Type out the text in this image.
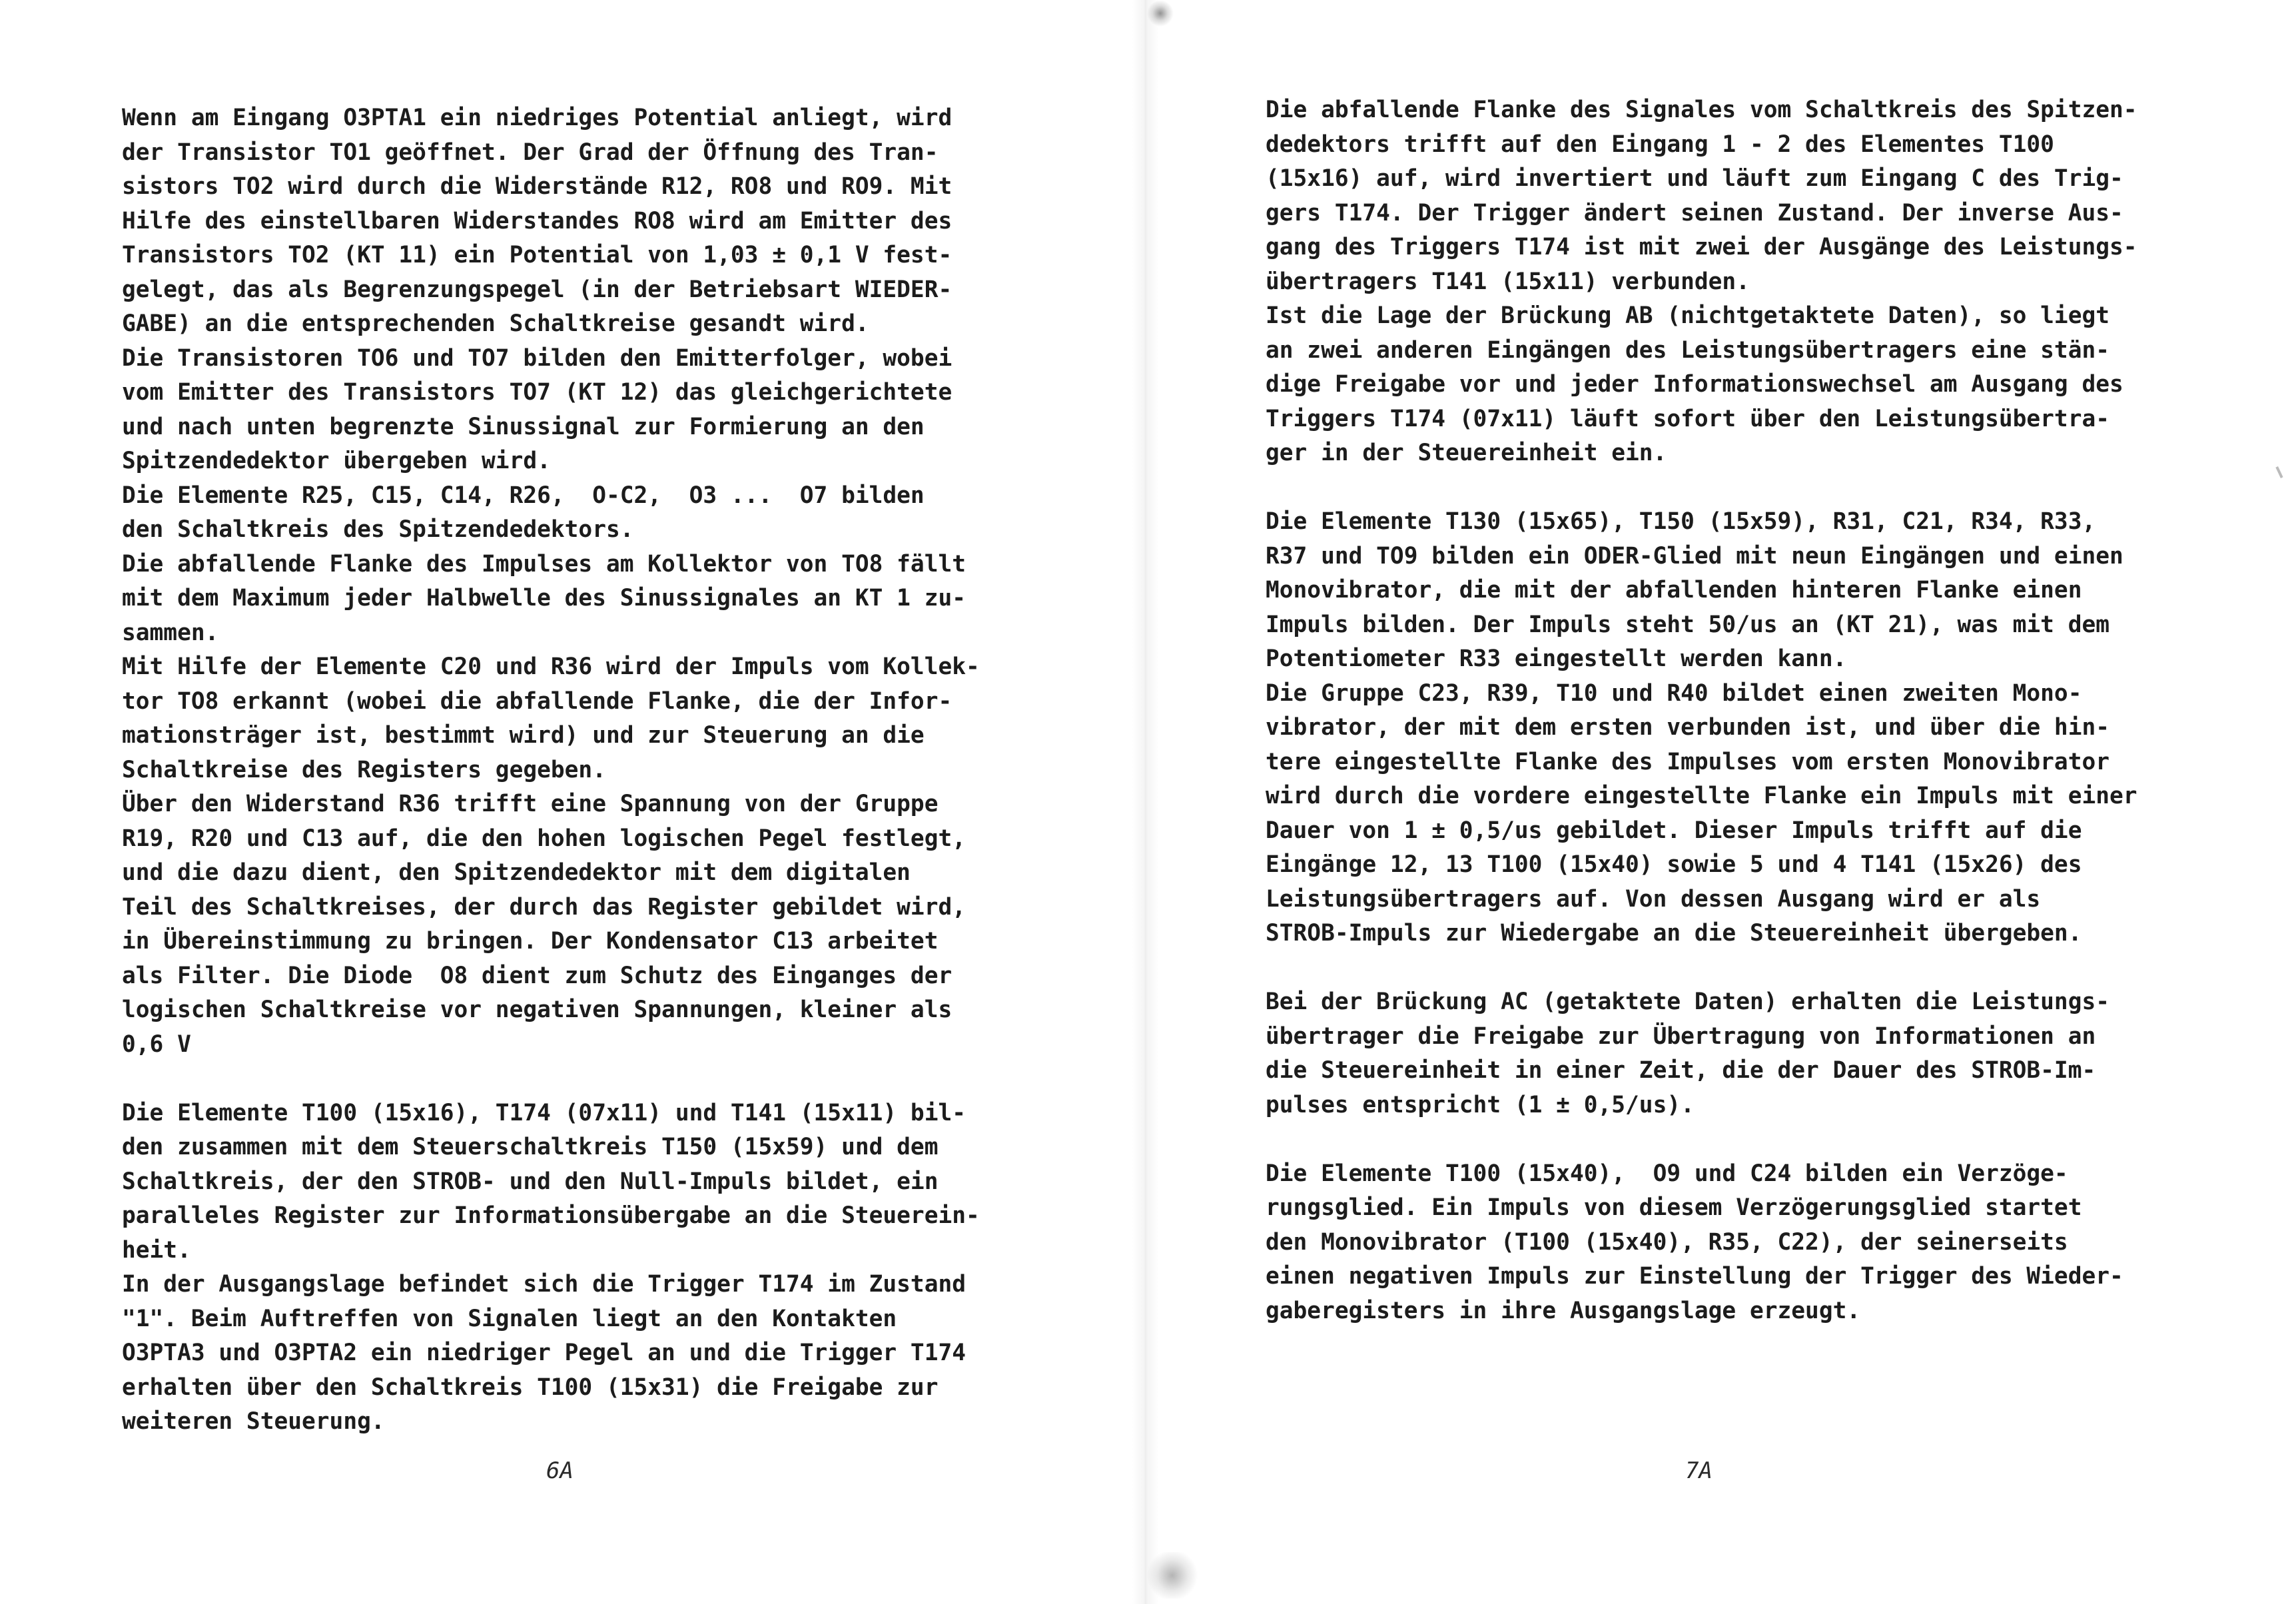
Wenn am Eingang O3PTA1 ein niedriges Potential anliegt, wird
der Transistor TO1 geöffnet. Der Grad der Öffnung des Tran-
sistors TO2 wird durch die Widerstände R12, RO8 und RO9. Mit
Hilfe des einstellbaren Widerstandes RO8 wird am Emitter des
Transistors TO2 (KT 11) ein Potential von 1,03 ± 0,1 V fest-
gelegt, das als Begrenzungspegel (in der Betriebsart WIEDER-
GABE) an die entsprechenden Schaltkreise gesandt wird.
Die Transistoren TO6 und TO7 bilden den Emitterfolger, wobei
vom Emitter des Transistors TO7 (KT 12) das gleichgerichtete
und nach unten begrenzte Sinussignal zur Formierung an den
Spitzendedektor übergeben wird.
Die Elemente R25, C15, C14, R26,  O-C2,  O3 ...  O7 bilden
den Schaltkreis des Spitzendedektors.
Die abfallende Flanke des Impulses am Kollektor von TO8 fällt
mit dem Maximum jeder Halbwelle des Sinussignales an KT 1 zu-
sammen.
Mit Hilfe der Elemente C20 und R36 wird der Impuls vom Kollek-
tor TO8 erkannt (wobei die abfallende Flanke, die der Infor-
mationsträger ist, bestimmt wird) und zur Steuerung an die
Schaltkreise des Registers gegeben.
Über den Widerstand R36 trifft eine Spannung von der Gruppe
R19, R20 und C13 auf, die den hohen logischen Pegel festlegt,
und die dazu dient, den Spitzendedektor mit dem digitalen
Teil des Schaltkreises, der durch das Register gebildet wird,
in Übereinstimmung zu bringen. Der Kondensator C13 arbeitet
als Filter. Die Diode  O8 dient zum Schutz des Einganges der
logischen Schaltkreise vor negativen Spannungen, kleiner als
0,6 V
Die Elemente T100 (15x16), T174 (07x11) und T141 (15x11) bil-
den zusammen mit dem Steuerschaltkreis T150 (15x59) und dem
Schaltkreis, der den STROB- und den Null-Impuls bildet, ein
paralleles Register zur Informationsübergabe an die Steuerein-
heit.
In der Ausgangslage befindet sich die Trigger T174 im Zustand
"1". Beim Auftreffen von Signalen liegt an den Kontakten
O3PTA3 und O3PTA2 ein niedriger Pegel an und die Trigger T174
erhalten über den Schaltkreis T100 (15x31) die Freigabe zur
weiteren Steuerung.
6A
Die abfallende Flanke des Signales vom Schaltkreis des Spitzen-
dedektors trifft auf den Eingang 1 - 2 des Elementes T100
(15x16) auf, wird invertiert und läuft zum Eingang C des Trig-
gers T174. Der Trigger ändert seinen Zustand. Der inverse Aus-
gang des Triggers T174 ist mit zwei der Ausgänge des Leistungs-
übertragers T141 (15x11) verbunden.
Ist die Lage der Brückung AB (nichtgetaktete Daten), so liegt
an zwei anderen Eingängen des Leistungsübertragers eine stän-
dige Freigabe vor und jeder Informationswechsel am Ausgang des
Triggers T174 (07x11) läuft sofort über den Leistungsübertra-
ger in der Steuereinheit ein.
Die Elemente T130 (15x65), T150 (15x59), R31, C21, R34, R33,
R37 und TO9 bilden ein ODER-Glied mit neun Eingängen und einen
Monovibrator, die mit der abfallenden hinteren Flanke einen
Impuls bilden. Der Impuls steht 50/us an (KT 21), was mit dem
Potentiometer R33 eingestellt werden kann.
Die Gruppe C23, R39, T10 und R40 bildet einen zweiten Mono-
vibrator, der mit dem ersten verbunden ist, und über die hin-
tere eingestellte Flanke des Impulses vom ersten Monovibrator
wird durch die vordere eingestellte Flanke ein Impuls mit einer
Dauer von 1 ± 0,5/us gebildet. Dieser Impuls trifft auf die
Eingänge 12, 13 T100 (15x40) sowie 5 und 4 T141 (15x26) des
Leistungsübertragers auf. Von dessen Ausgang wird er als
STROB-Impuls zur Wiedergabe an die Steuereinheit übergeben.
Bei der Brückung AC (getaktete Daten) erhalten die Leistungs-
übertrager die Freigabe zur Übertragung von Informationen an
die Steuereinheit in einer Zeit, die der Dauer des STROB-Im-
pulses entspricht (1 ± 0,5/us).
Die Elemente T100 (15x40),  O9 und C24 bilden ein Verzöge-
rungsglied. Ein Impuls von diesem Verzögerungsglied startet
den Monovibrator (T100 (15x40), R35, C22), der seinerseits
einen negativen Impuls zur Einstellung der Trigger des Wieder-
gaberegisters in ihre Ausgangslage erzeugt.
7A
